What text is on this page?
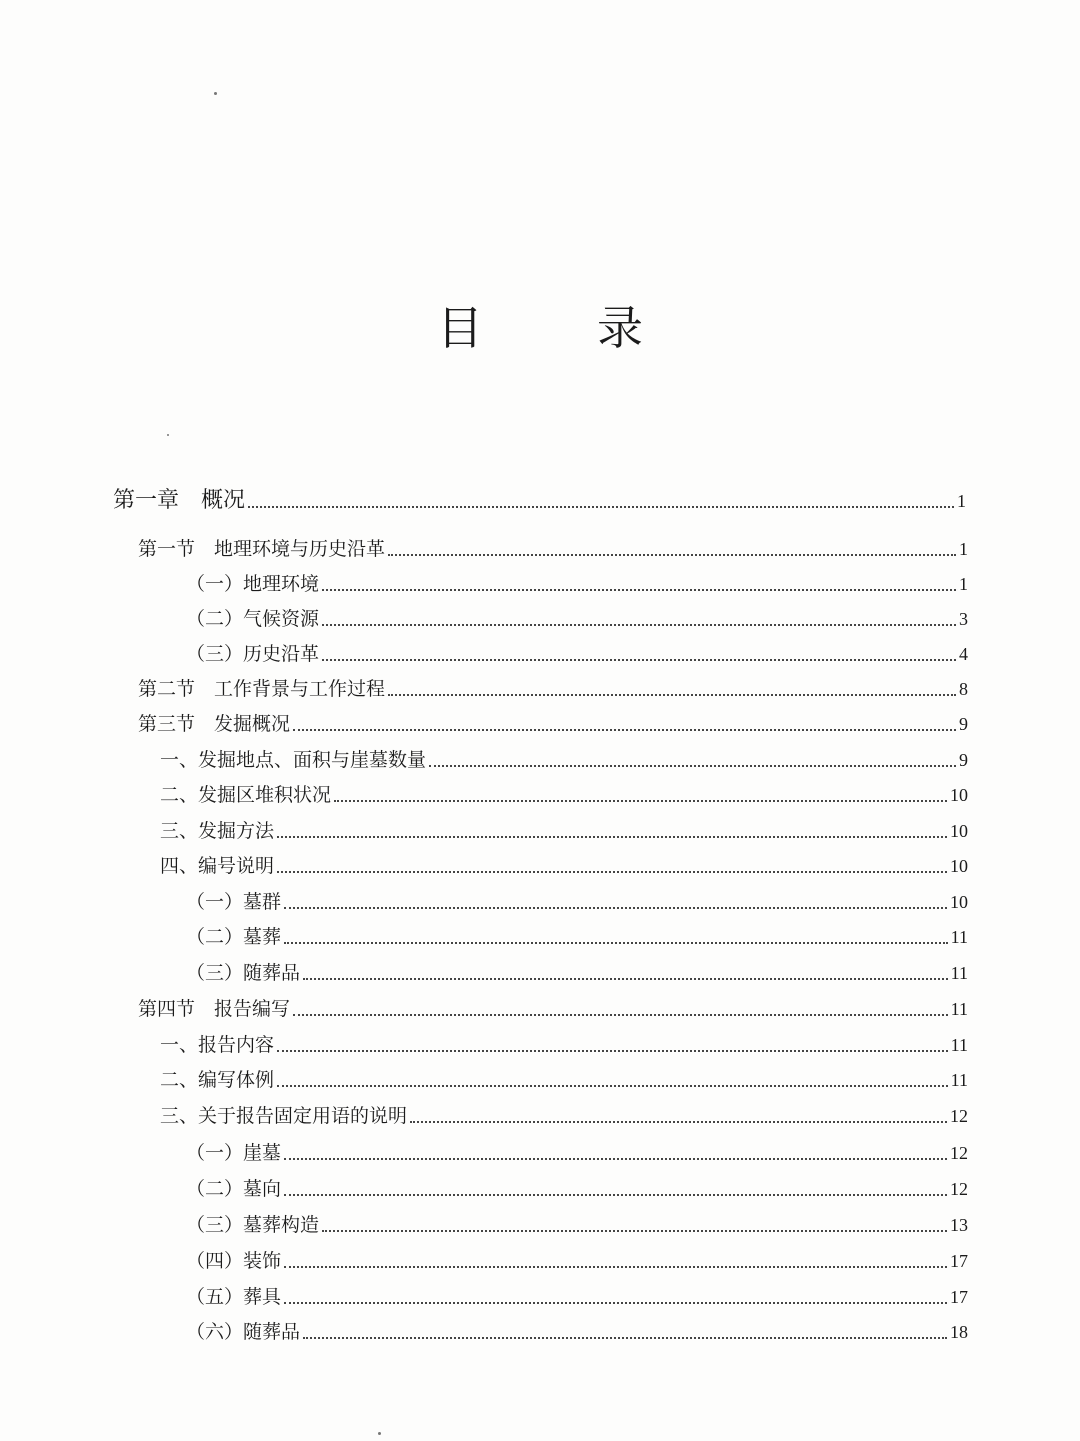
目　录
第一章　概况	1
第一节　地理环境与历史沿革	1
（一）地理环境	1
（二）气候资源	3
（三）历史沿革	4
第二节　工作背景与工作过程	8
第三节　发掘概况	9
一、发掘地点、面积与崖墓数量	9
二、发掘区堆积状况	10
三、发掘方法	10
四、编号说明	10
（一）墓群	10
（二）墓葬	11
（三）随葬品	11
第四节　报告编写	11
一、报告内容	11
二、编写体例	11
三、关于报告固定用语的说明	12
（一）崖墓	12
（二）墓向	12
（三）墓葬构造	13
（四）装饰	17
（五）葬具	17
（六）随葬品	18
